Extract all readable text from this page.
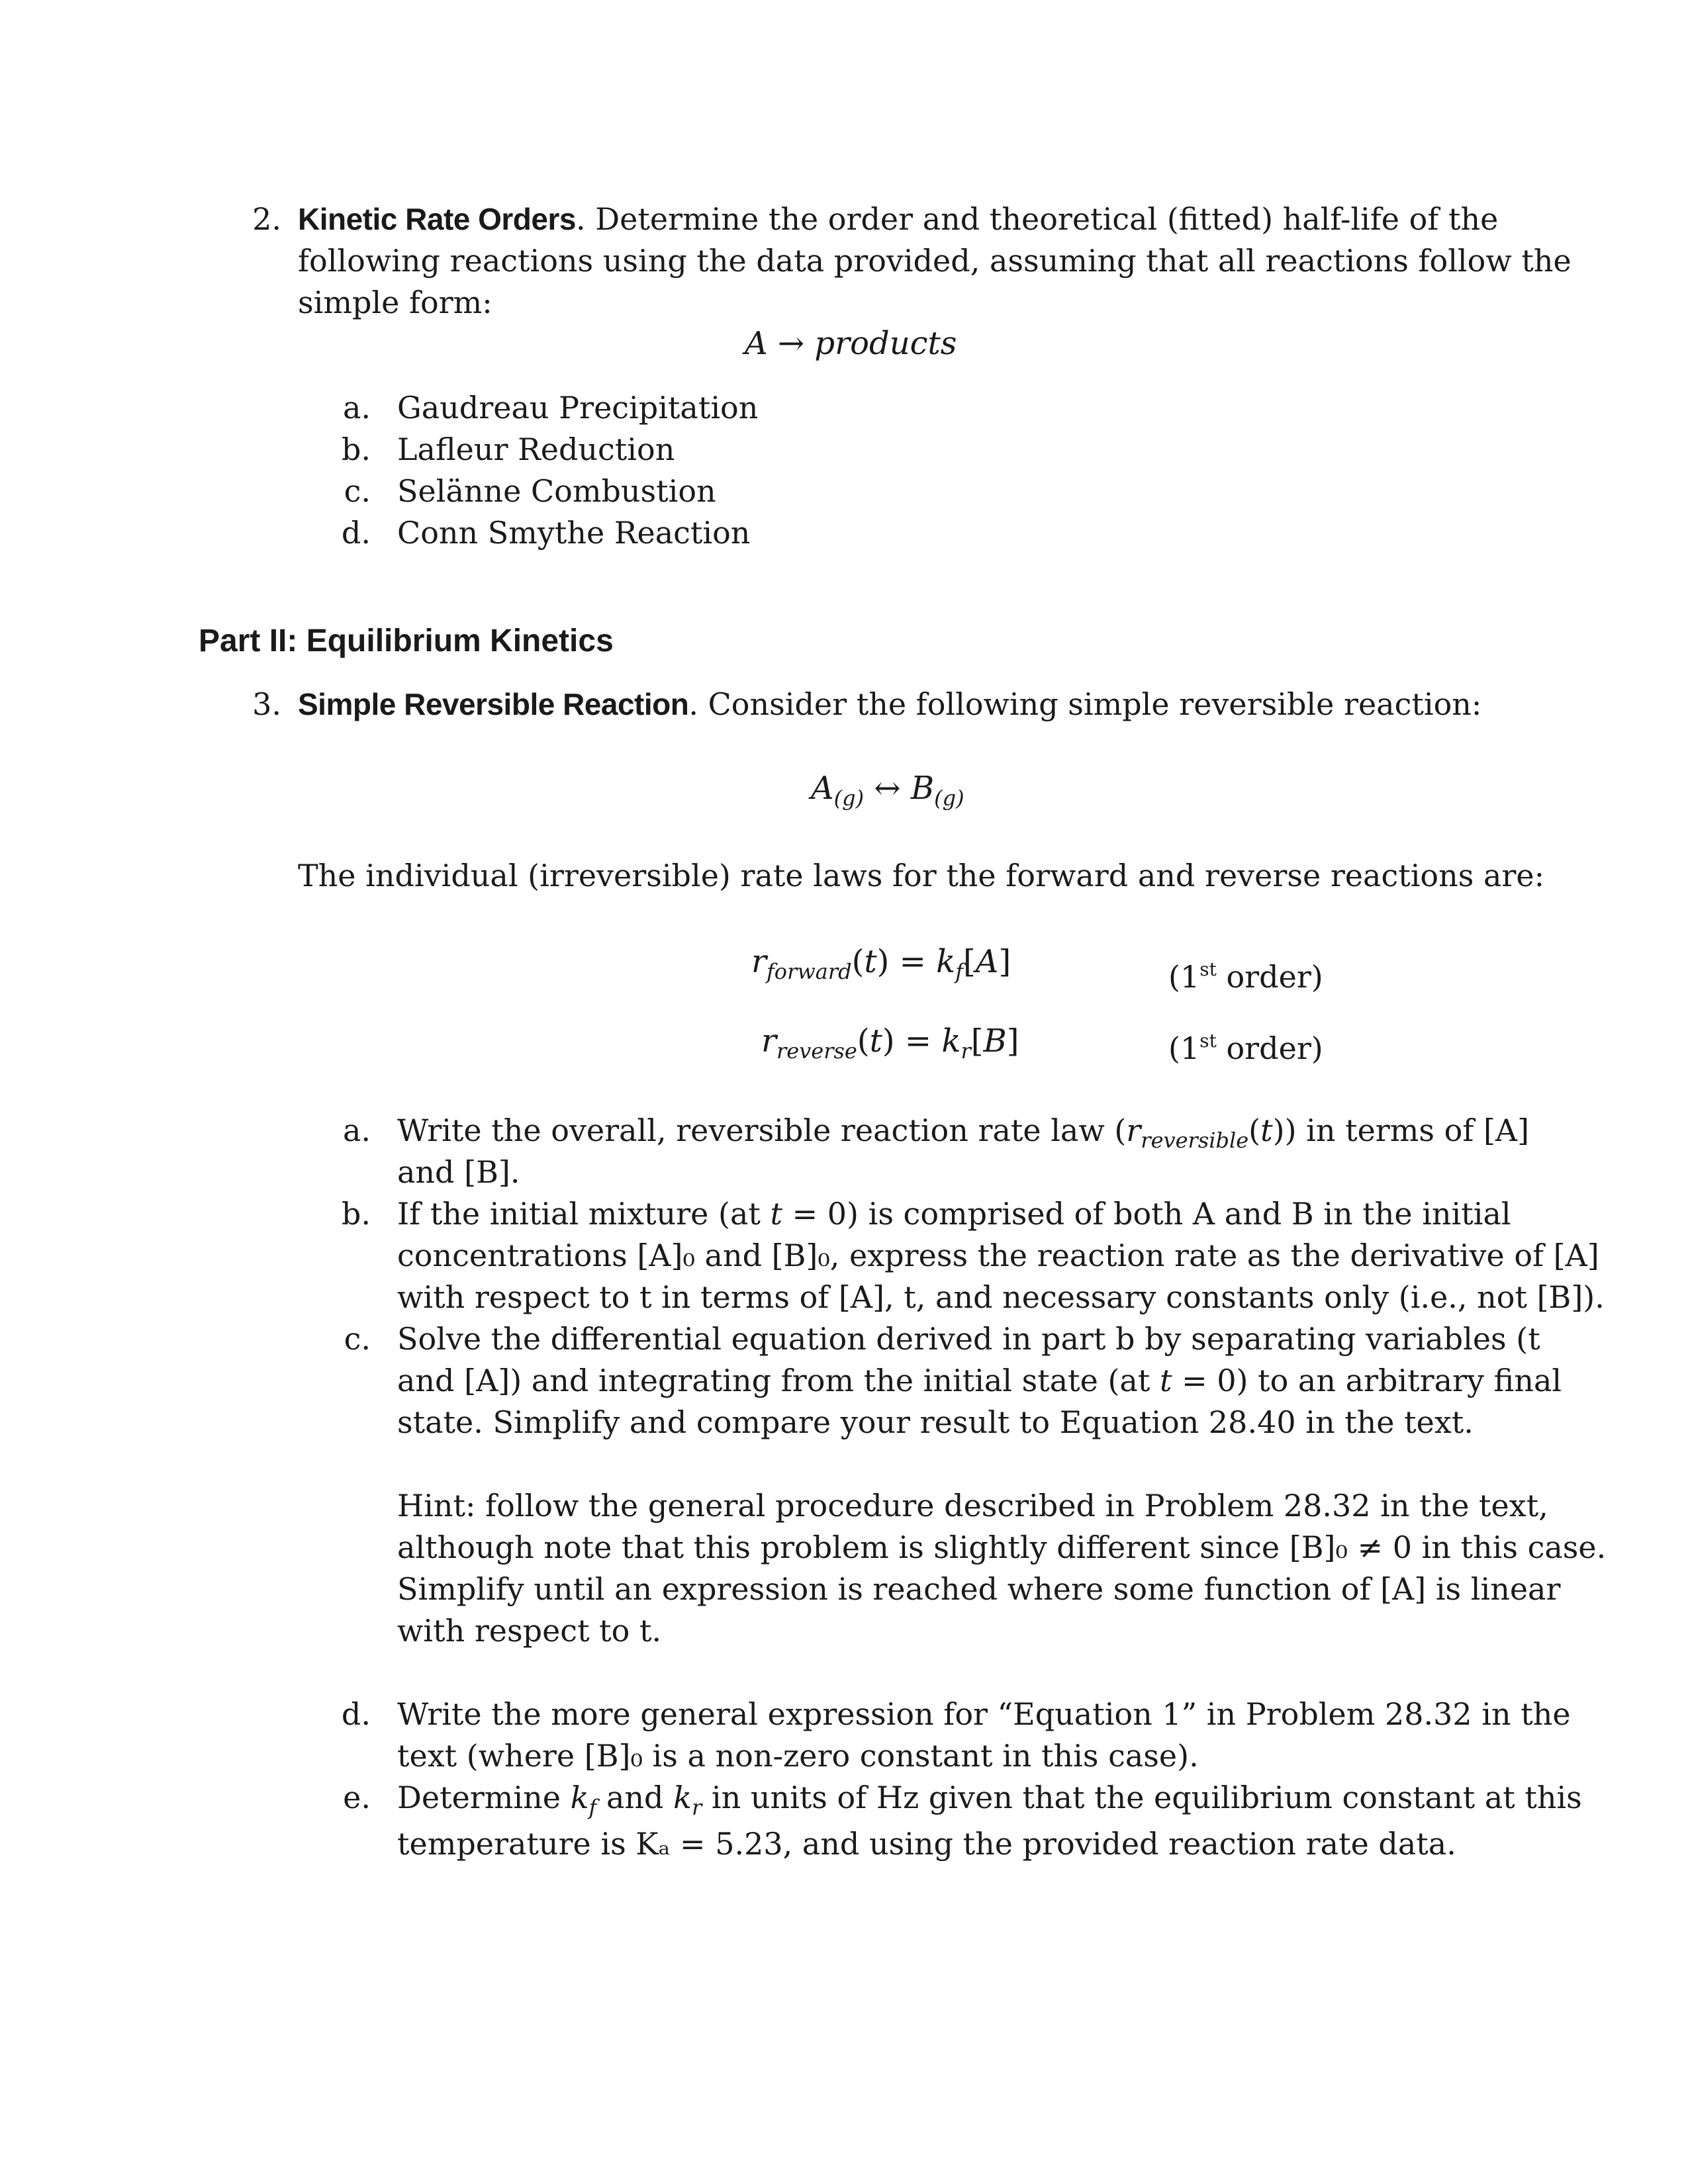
2. Kinetic Rate Orders. Determine the order and theoretical (fitted) half-life of the
following reactions using the data provided, assuming that all reactions follow the
simple form:
A → products
a. Gaudreau Precipitation
b. Lafleur Reduction
c. Selänne Combustion
d. Conn Smythe Reaction
Part II: Equilibrium Kinetics
3. Simple Reversible Reaction. Consider the following simple reversible reaction:
$A_{(g)}$ ↔ $B_{(g)}$
The individual (irreversible) rate laws for the forward and reverse reactions are:
$r_{forward}(t) = k_f[A]$	(1st order)
$r_{reverse}(t) = k_r[B]$	(1st order)
a. Write the overall, reversible reaction rate law $(r_{reversible}(t))$ in terms of [A]
and [B].
b. If the initial mixture (at t = 0) is comprised of both A and B in the initial
concentrations [A]₀ and [B]₀, express the reaction rate as the derivative of [A]
with respect to t in terms of [A], t, and necessary constants only (i.e., not [B]).
c. Solve the differential equation derived in part b by separating variables (t
and [A]) and integrating from the initial state (at t = 0) to an arbitrary final
state. Simplify and compare your result to Equation 28.40 in the text.
Hint: follow the general procedure described in Problem 28.32 in the text,
although note that this problem is slightly different since [B]₀ ≠ 0 in this case.
Simplify until an expression is reached where some function of [A] is linear
with respect to t.
d. Write the more general expression for “Equation 1” in Problem 28.32 in the
text (where [B]₀ is a non-zero constant in this case).
e. Determine $k_f$ and $k_r$ in units of Hz given that the equilibrium constant at this
temperature is Kₐ = 5.23, and using the provided reaction rate data.
